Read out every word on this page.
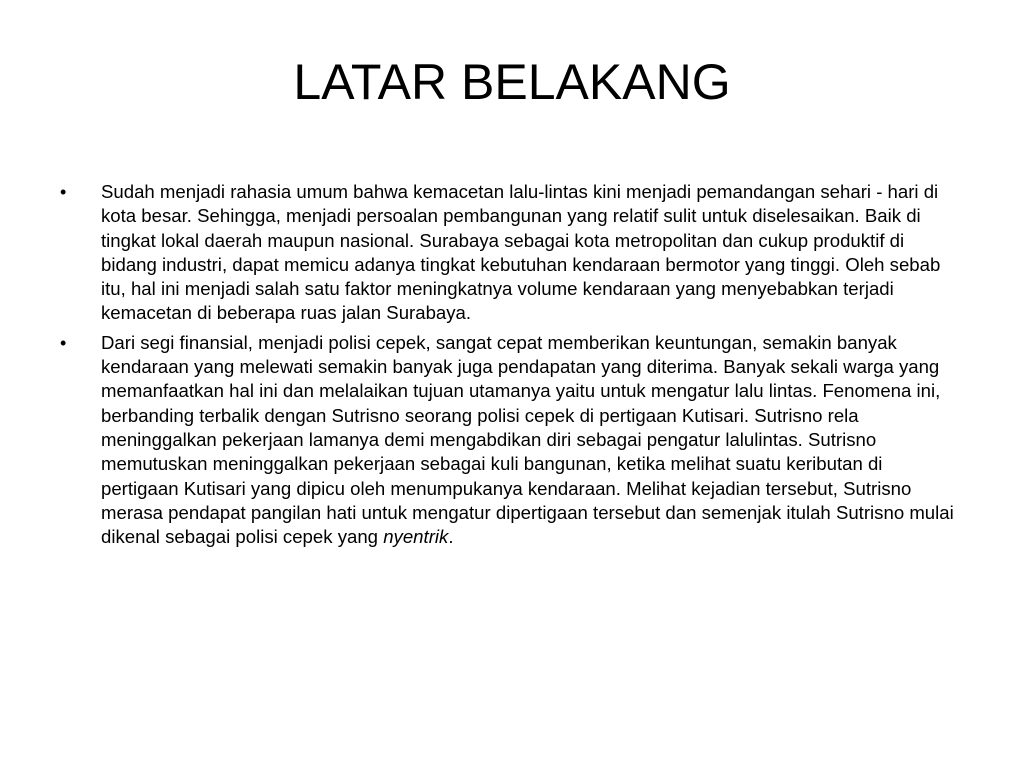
LATAR BELAKANG
•	Sudah menjadi rahasia umum bahwa kemacetan lalu-lintas kini menjadi pemandangan sehari - hari di kota besar. Sehingga, menjadi persoalan pembangunan yang relatif sulit untuk diselesaikan. Baik di tingkat lokal daerah maupun nasional. Surabaya sebagai kota metropolitan dan cukup produktif di bidang industri, dapat memicu adanya tingkat kebutuhan kendaraan bermotor yang tinggi. Oleh sebab itu, hal ini menjadi salah satu faktor meningkatnya volume kendaraan yang menyebabkan terjadi kemacetan di beberapa ruas jalan Surabaya.
•	Dari segi finansial, menjadi polisi cepek, sangat cepat memberikan keuntungan, semakin banyak kendaraan yang melewati semakin banyak juga pendapatan yang diterima. Banyak sekali warga yang memanfaatkan hal ini dan melalaikan tujuan utamanya yaitu untuk mengatur lalu lintas. Fenomena ini, berbanding terbalik dengan Sutrisno seorang polisi cepek di pertigaan Kutisari. Sutrisno rela meninggalkan pekerjaan lamanya demi mengabdikan diri sebagai pengatur lalulintas. Sutrisno memutuskan meninggalkan pekerjaan sebagai kuli bangunan, ketika melihat suatu keributan di pertigaan Kutisari yang dipicu oleh menumpukanya kendaraan. Melihat kejadian tersebut, Sutrisno merasa pendapat pangilan hati untuk mengatur dipertigaan tersebut dan semenjak itulah Sutrisno mulai dikenal sebagai polisi cepek yang nyentrik.
